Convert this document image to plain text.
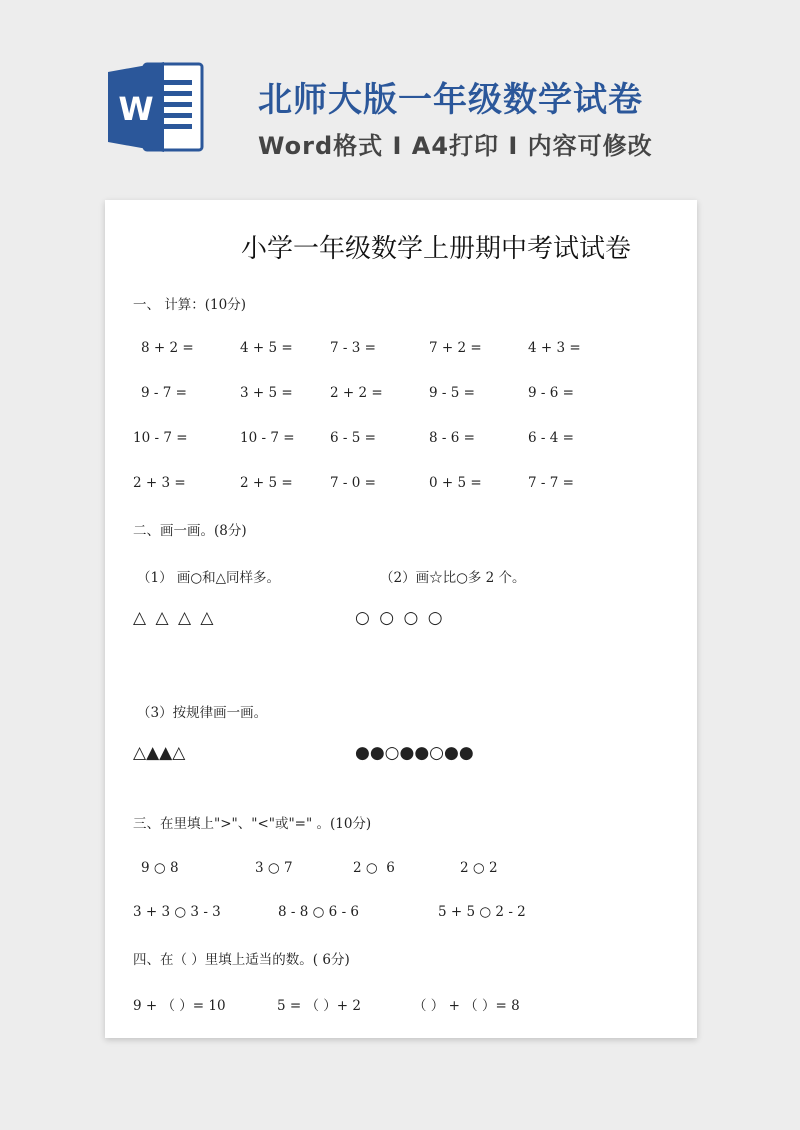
W	北师大版一年级数学试卷
Word格式 I A4打印 I 内容可修改
小学一年级数学上册期中考试试卷
一、 计算：(10分)
8 + 2 =	4 + 5 =	7 - 3 =	7 + 2 =	4 + 3 =
9 - 7 =	3 + 5 =	2 + 2 =	9 - 5 =	9 - 6 =
10 - 7 =	10 - 7 =	6 - 5 =	8 - 6 =	6 - 4 =
2 + 3 =	2 + 5 =	7 - 0 =	0 + 5 =	7 - 7 =
二、画一画。(8分)
（1） 画○和△同样多。	（2）画☆比○多 2 个。
△ △ △ △	○ ○ ○ ○
（3）按规律画一画。
△▲▲△	●●○●●○●●
三、在里填上">"、"<"或"=" 。(10分)
9 ○ 8	3 ○ 7	2 ○  6	2 ○ 2
3 + 3 ○ 3 - 3	8 - 8 ○ 6 - 6	5 + 5 ○ 2 - 2
四、在（ ）里填上适当的数。( 6分)
9 + （ ）= 10	5 = （ ）+ 2	（ ） + （ ）= 8
